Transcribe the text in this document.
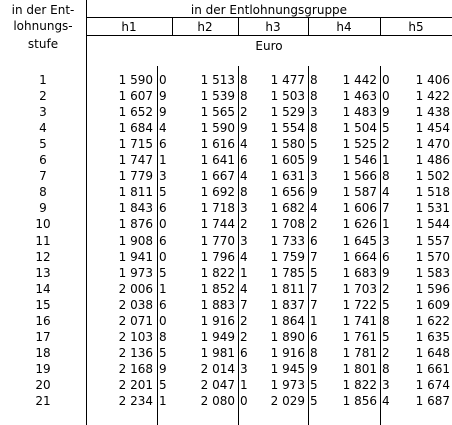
in der Ent-
lohnungs-
stufe
in der Entlohnungsgruppe
h1	h2	h3	h4	h5
Euro
1	1 590 0	1 513 8	1 477 8	1 442 0	1 406
2	1 607 9	1 539 8	1 503 8	1 463 0	1 422
3	1 652 9	1 565 2	1 529 3	1 483 9	1 438
4	1 684 4	1 590 9	1 554 8	1 504 5	1 454
5	1 715 6	1 616 4	1 580 5	1 525 2	1 470
6	1 747 1	1 641 6	1 605 9	1 546 1	1 486
7	1 779 3	1 667 4	1 631 3	1 566 8	1 502
8	1 811 5	1 692 8	1 656 9	1 587 4	1 518
9	1 843 6	1 718 3	1 682 4	1 606 7	1 531
10	1 876 0	1 744 2	1 708 2	1 626 1	1 544
11	1 908 6	1 770 3	1 733 6	1 645 3	1 557
12	1 941 0	1 796 4	1 759 7	1 664 6	1 570
13	1 973 5	1 822 1	1 785 5	1 683 9	1 583
14	2 006 1	1 852 4	1 811 7	1 703 2	1 596
15	2 038 6	1 883 7	1 837 7	1 722 5	1 609
16	2 071 0	1 916 2	1 864 1	1 741 8	1 622
17	2 103 8	1 949 2	1 890 6	1 761 5	1 635
18	2 136 5	1 981 6	1 916 8	1 781 2	1 648
19	2 168 9	2 014 3	1 945 9	1 801 8	1 661
20	2 201 5	2 047 1	1 973 5	1 822 3	1 674
21	2 234 1	2 080 0	2 029 5	1 856 4	1 687
